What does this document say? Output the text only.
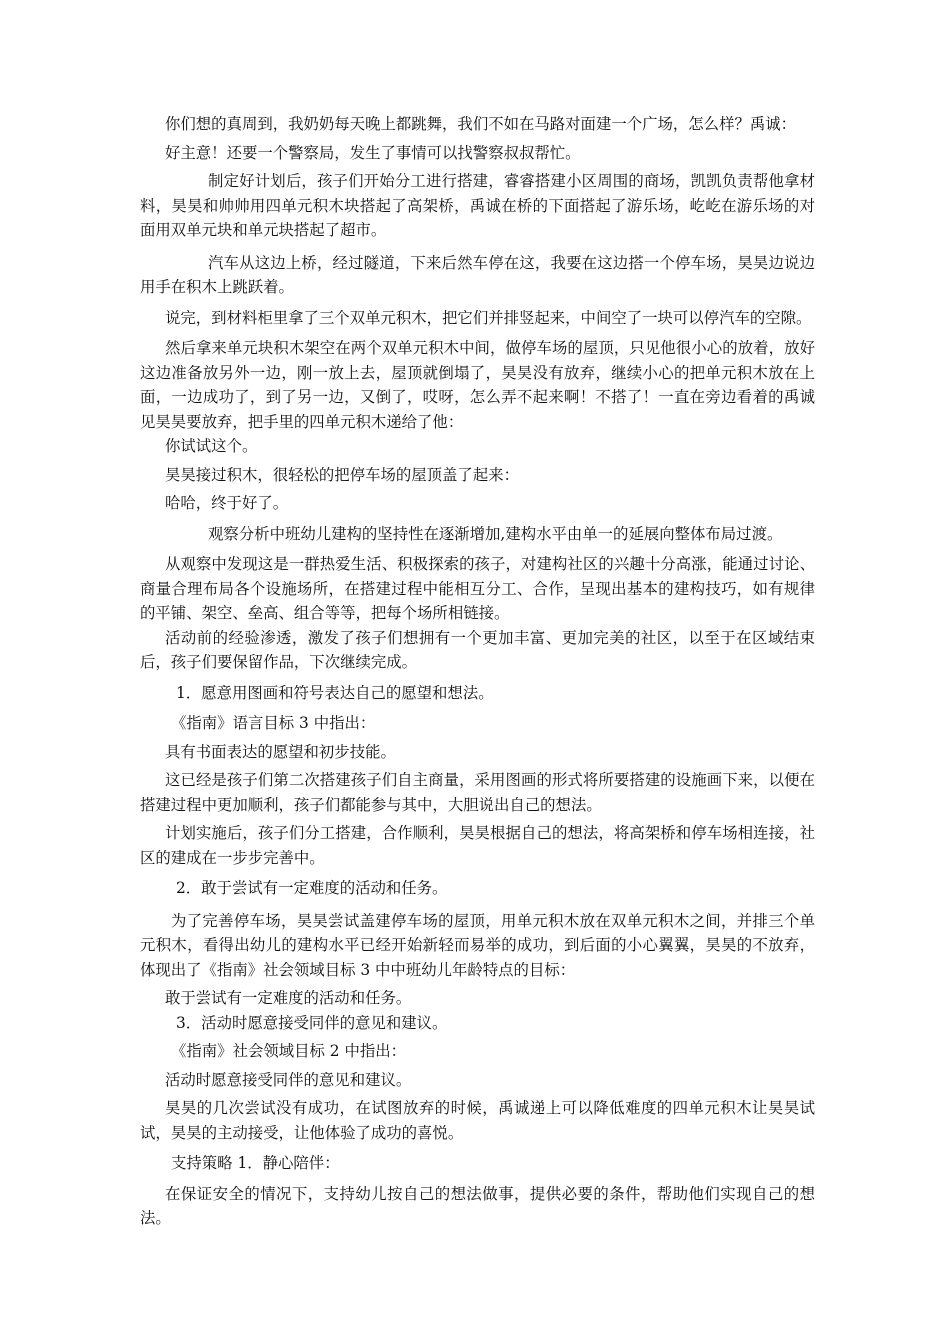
你们想的真周到，我奶奶每天晚上都跳舞，我们不如在马路对面建一个广场，怎么样？禹诚：

好主意！还要一个警察局，发生了事情可以找警察叔叔帮忙。

制定好计划后，孩子们开始分工进行搭建，睿睿搭建小区周围的商场，凯凯负责帮他拿材料，昊昊和帅帅用四单元积木块搭起了高架桥，禹诚在桥的下面搭起了游乐场，屹屹在游乐场的对面用双单元块和单元块搭起了超市。

汽车从这边上桥，经过隧道，下来后然车停在这，我要在这边搭一个停车场，昊昊边说边用手在积木上跳跃着。

说完，到材料柜里拿了三个双单元积木，把它们并排竖起来，中间空了一块可以停汽车的空隙。

然后拿来单元块积木架空在两个双单元积木中间，做停车场的屋顶，只见他很小心的放着，放好这边准备放另外一边，刚一放上去，屋顶就倒塌了，昊昊没有放弃，继续小心的把单元积木放在上面，一边成功了，到了另一边，又倒了，哎呀，怎么弄不起来啊！不搭了！一直在旁边看着的禹诚见昊昊要放弃，把手里的四单元积木递给了他：

你试试这个。

昊昊接过积木，很轻松的把停车场的屋顶盖了起来：

哈哈，终于好了。

观察分析中班幼儿建构的坚持性在逐渐增加,建构水平由单一的延展向整体布局过渡。

从观察中发现这是一群热爱生活、积极探索的孩子，对建构社区的兴趣十分高涨，能通过讨论、商量合理布局各个设施场所，在搭建过程中能相互分工、合作，呈现出基本的建构技巧，如有规律的平铺、架空、垒高、组合等等，把每个场所相链接。

活动前的经验渗透，激发了孩子们想拥有一个更加丰富、更加完美的社区，以至于在区域结束后，孩子们要保留作品，下次继续完成。

1．愿意用图画和符号表达自己的愿望和想法。

《指南》语言目标 3 中指出：

具有书面表达的愿望和初步技能。

这已经是孩子们第二次搭建孩子们自主商量，采用图画的形式将所要搭建的设施画下来，以便在搭建过程中更加顺利，孩子们都能参与其中，大胆说出自己的想法。

计划实施后，孩子们分工搭建，合作顺利，昊昊根据自己的想法，将高架桥和停车场相连接，社区的建成在一步步完善中。

2．敢于尝试有一定难度的活动和任务。

为了完善停车场，昊昊尝试盖建停车场的屋顶，用单元积木放在双单元积木之间，并排三个单元积木，看得出幼儿的建构水平已经开始新轻而易举的成功，到后面的小心翼翼，昊昊的不放弃，体现出了《指南》社会领域目标 3 中中班幼儿年龄特点的目标：

敢于尝试有一定难度的活动和任务。

3．活动时愿意接受同伴的意见和建议。

《指南》社会领域目标 2 中指出：

活动时愿意接受同伴的意见和建议。

昊昊的几次尝试没有成功，在试图放弃的时候，禹诚递上可以降低难度的四单元积木让昊昊试试，昊昊的主动接受，让他体验了成功的喜悦。

支持策略 1．静心陪伴：

在保证安全的情况下，支持幼儿按自己的想法做事，提供必要的条件，帮助他们实现自己的想法。
